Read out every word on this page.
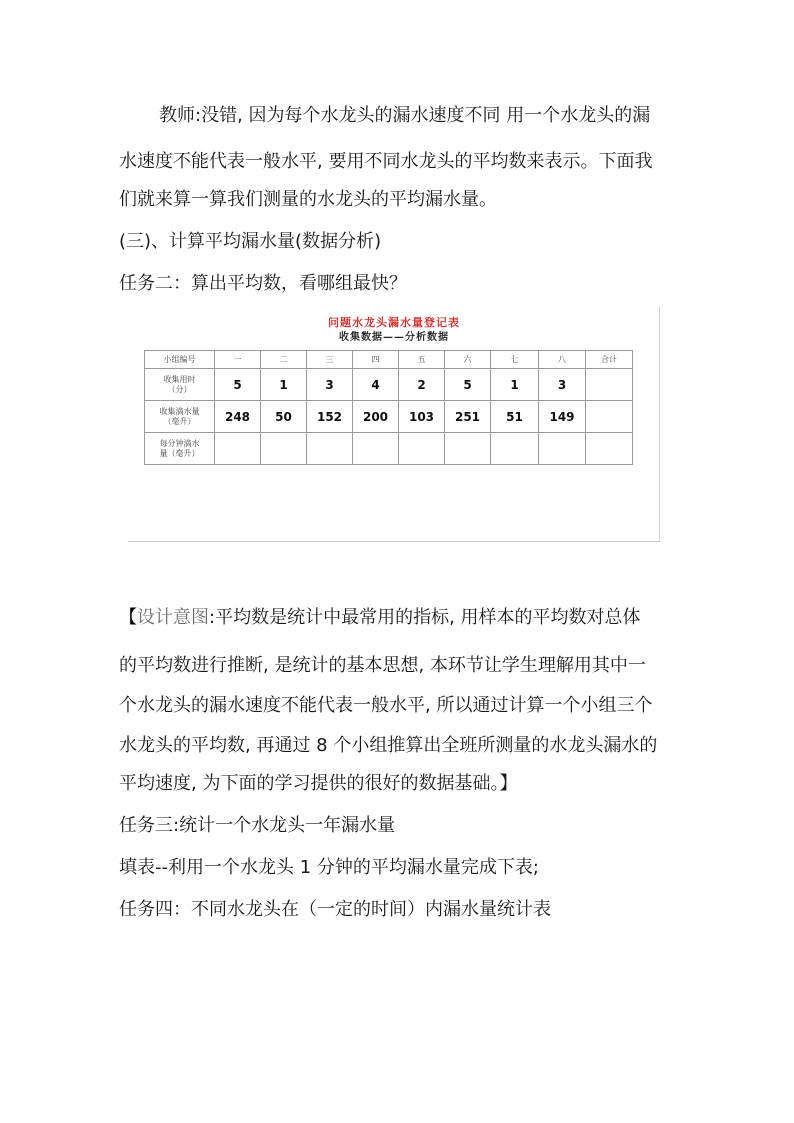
教师:没错, 因为每个水龙头的漏水速度不同 用一个水龙头的漏
水速度不能代表一般水平, 要用不同水龙头的平均数来表示。下面我
们就来算一算我们测量的水龙头的平均漏水量。
(三)、计算平均漏水量(数据分析)
任务二：算出平均数，看哪组最快？
问题水龙头漏水量登记表
收集数据——分析数据
小组编号	一	二	三	四	五	六	七	八	合计
收集用时
（分）	5	1	3	4	2	5	1	3	
收集滴水量
（毫升）	248	50	152	200	103	251	51	149	
每分钟滴水
量（毫升）									
【设计意图:平均数是统计中最常用的指标, 用样本的平均数对总体
的平均数进行推断, 是统计的基本思想, 本环节让学生理解用其中一
个水龙头的漏水速度不能代表一般水平, 所以通过计算一个小组三个
水龙头的平均数, 再通过 8 个小组推算出全班所测量的水龙头漏水的
平均速度, 为下面的学习提供的很好的数据基础。】
任务三:统计一个水龙头一年漏水量
填表--利用一个水龙头 1 分钟的平均漏水量完成下表;
任务四：不同水龙头在（一定的时间）内漏水量统计表
